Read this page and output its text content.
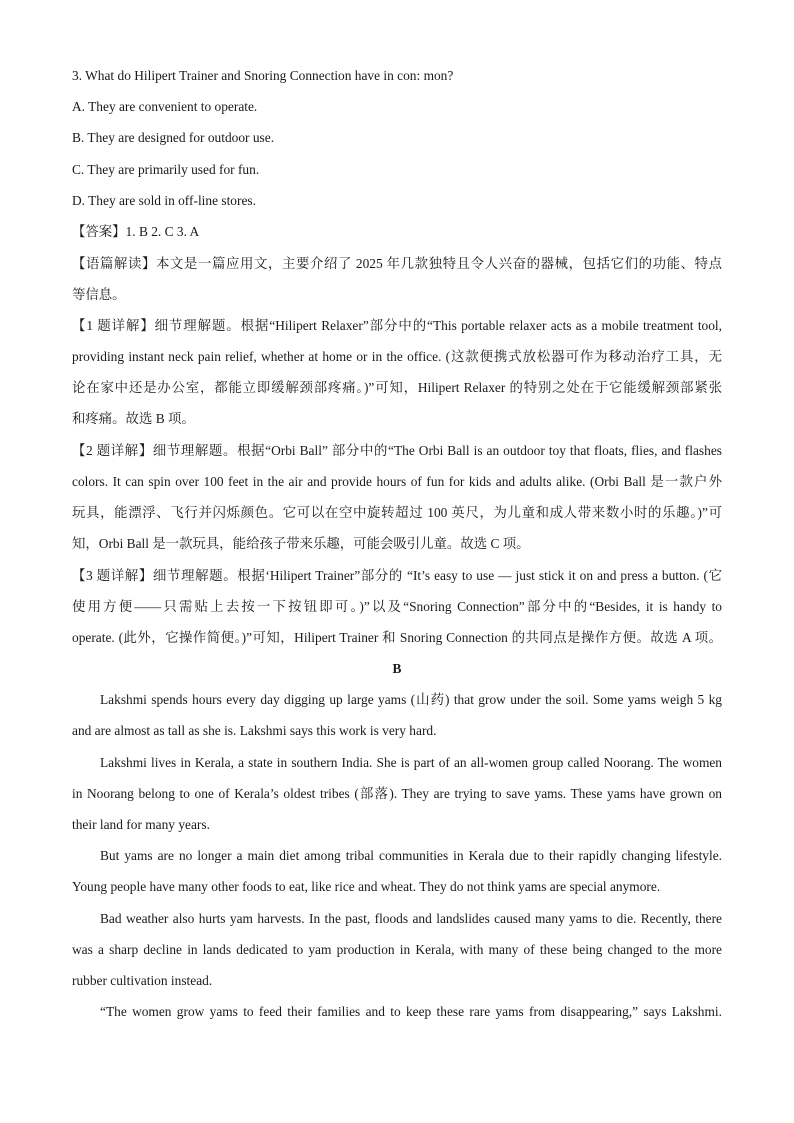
3. What do Hilipert Trainer and Snoring Connection have in con: mon?
A. They are convenient to operate.
B. They are designed for outdoor use.
C. They are primarily used for fun.
D. They are sold in off-line stores.
【答案】1. B 2. C 3. A
【语篇解读】本文是一篇应用文，主要介绍了 2025 年几款独特且令人兴奋的器械，包括它们的功能、特点
等信息。
【1 题详解】细节理解题。根据“Hilipert Relaxer”部分中的“This portable relaxer acts as a mobile treatment tool,
providing instant neck pain relief, whether at home or in the office. (这款便携式放松器可作为移动治疗工具，无
论在家中还是办公室，都能立即缓解颈部疼痛。)”可知，Hilipert Relaxer 的特别之处在于它能缓解颈部紧张
和疼痛。故选 B 项。
【2 题详解】细节理解题。根据“Orbi Ball” 部分中的“The Orbi Ball is an outdoor toy that floats, flies, and flashes
colors. It can spin over 100 feet in the air and provide hours of fun for kids and adults alike. (Orbi Ball 是一款户外
玩具，能漂浮、飞行并闪烁颜色。它可以在空中旋转超过 100 英尺，为儿童和成人带来数小时的乐趣。)”可
知，Orbi Ball 是一款玩具，能给孩子带来乐趣，可能会吸引儿童。故选 C 项。
【3 题详解】细节理解题。根据‘Hilipert Trainer”部分的 “It’s easy to use — just stick it on and press a button. (它
使用方便——只需贴上去按一下按钮即可。)”以及“Snoring Connection”部分中的“Besides, it is handy to
operate. (此外，它操作简便。)”可知，Hilipert Trainer 和 Snoring Connection 的共同点是操作方便。故选 A 项。
B
Lakshmi spends hours every day digging up large yams (山药) that grow under the soil. Some yams weigh 5 kg
and are almost as tall as she is. Lakshmi says this work is very hard.
Lakshmi lives in Kerala, a state in southern India. She is part of an all-women group called Noorang. The women
in Noorang belong to one of Kerala’s oldest tribes (部落). They are trying to save yams. These yams have grown on
their land for many years.
But yams are no longer a main diet among tribal communities in Kerala due to their rapidly changing lifestyle.
Young people have many other foods to eat, like rice and wheat. They do not think yams are special anymore.
Bad weather also hurts yam harvests. In the past, floods and landslides caused many yams to die. Recently, there
was a sharp decline in lands dedicated to yam production in Kerala, with many of these being changed to the more
rubber cultivation instead.
“The women grow yams to feed their families and to keep these rare yams from disappearing,” says Lakshmi.
